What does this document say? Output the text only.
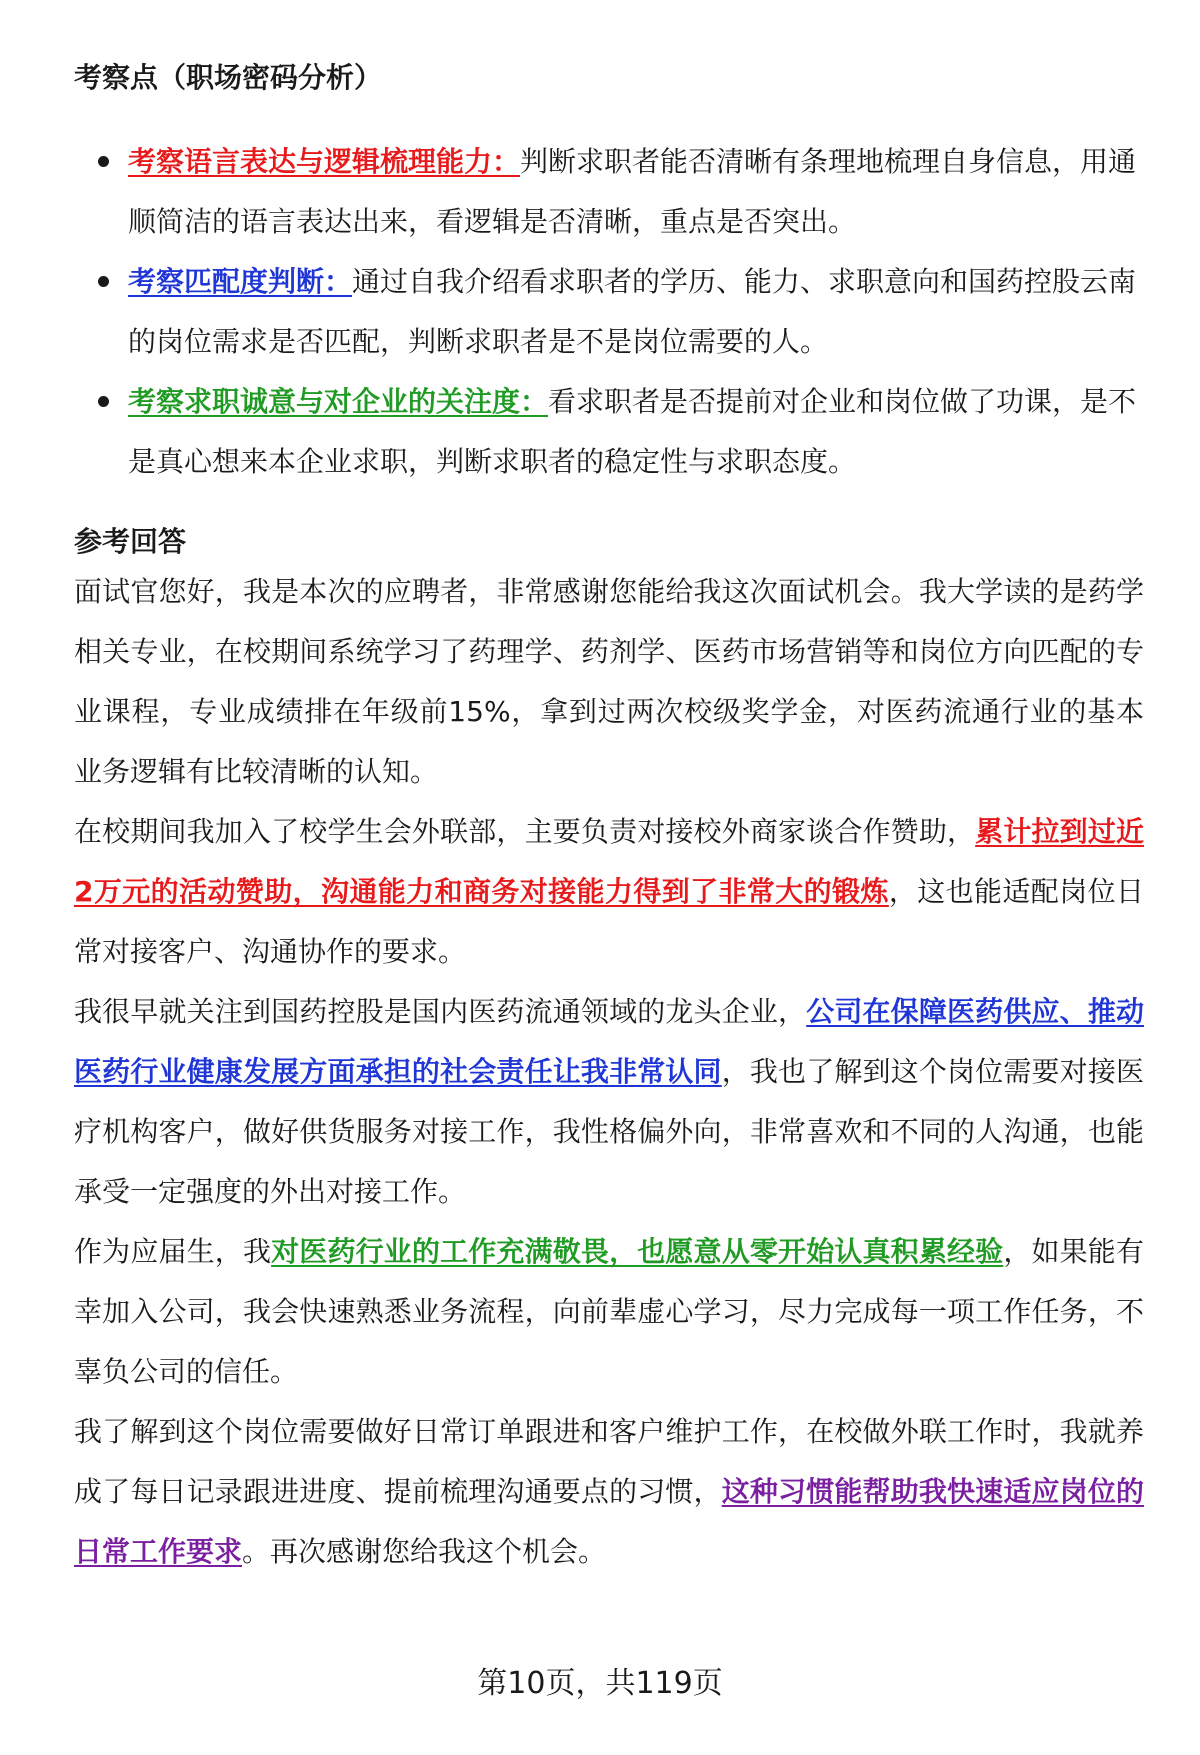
考察点（职场密码分析）
考察语言表达与逻辑梳理能力：判断求职者能否清晰有条理地梳理自身信息，用通顺简洁的语言表达出来，看逻辑是否清晰，重点是否突出。
考察匹配度判断：通过自我介绍看求职者的学历、能力、求职意向和国药控股云南的岗位需求是否匹配，判断求职者是不是岗位需要的人。
考察求职诚意与对企业的关注度：看求职者是否提前对企业和岗位做了功课，是不是真心想来本企业求职，判断求职者的稳定性与求职态度。
参考回答

面试官您好，我是本次的应聘者，非常感谢您能给我这次面试机会。我大学读的是药学相关专业，在校期间系统学习了药理学、药剂学、医药市场营销等和岗位方向匹配的专业课程，专业成绩排在年级前15%，拿到过两次校级奖学金，对医药流通行业的基本业务逻辑有比较清晰的认知。

在校期间我加入了校学生会外联部，主要负责对接校外商家谈合作赞助，累计拉到过近2万元的活动赞助，沟通能力和商务对接能力得到了非常大的锻炼，这也能适配岗位日常对接客户、沟通协作的要求。

我很早就关注到国药控股是国内医药流通领域的龙头企业，公司在保障医药供应、推动医药行业健康发展方面承担的社会责任让我非常认同，我也了解到这个岗位需要对接医疗机构客户，做好供货服务对接工作，我性格偏外向，非常喜欢和不同的人沟通，也能承受一定强度的外出对接工作。

作为应届生，我对医药行业的工作充满敬畏，也愿意从零开始认真积累经验，如果能有幸加入公司，我会快速熟悉业务流程，向前辈虚心学习，尽力完成每一项工作任务，不辜负公司的信任。

我了解到这个岗位需要做好日常订单跟进和客户维护工作，在校做外联工作时，我就养成了每日记录跟进进度、提前梳理沟通要点的习惯，这种习惯能帮助我快速适应岗位的日常工作要求。再次感谢您给我这个机会。

第10页，共119页
